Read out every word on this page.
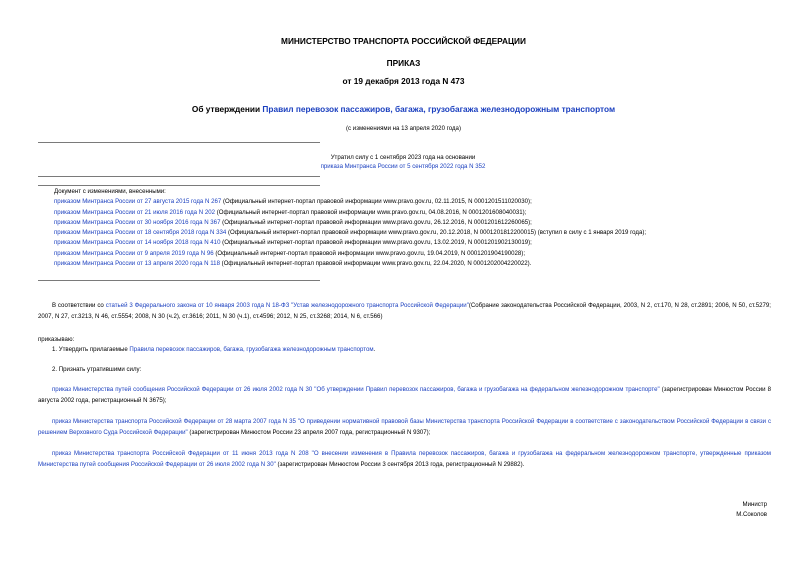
МИНИСТЕРСТВО ТРАНСПОРТА РОССИЙСКОЙ ФЕДЕРАЦИИ
ПРИКАЗ
от 19 декабря 2013 года N 473
Об утверждении Правил перевозок пассажиров, багажа, грузобагажа железнодорожным транспортом
(с изменениями на 13 апреля 2020 года)
Утратил силу с 1 сентября 2023 года на основании
приказа Минтранса России от 5 сентября 2022 года N 352
Документ с изменениями, внесенными:
приказом Минтранса России от 27 августа 2015 года N 267 (Официальный интернет-портал правовой информации www.pravo.gov.ru, 02.11.2015, N 0001201511020030);
приказом Минтранса России от 21 июля 2016 года N 202 (Официальный интернет-портал правовой информации www.pravo.gov.ru, 04.08.2016, N 0001201608040031);
приказом Минтранса России от 30 ноября 2016 года N 367 (Официальный интернет-портал правовой информации www.pravo.gov.ru, 26.12.2016, N 0001201612260065);
приказом Минтранса России от 18 сентября 2018 года N 334 (Официальный интернет-портал правовой информации www.pravo.gov.ru, 20.12.2018, N 0001201812200015) (вступил в силу с 1 января 2019 года);
приказом Минтранса России от 14 ноября 2018 года N 410 (Официальный интернет-портал правовой информации www.pravo.gov.ru, 13.02.2019, N 0001201902130019);
приказом Минтранса России от 9 апреля 2019 года N 96 (Официальный интернет-портал правовой информации www.pravo.gov.ru, 19.04.2019, N 0001201904190028);
приказом Минтранса России от 13 апреля 2020 года N 118 (Официальный интернет-портал правовой информации www.pravo.gov.ru, 22.04.2020, N 0001202004220022).
В соответствии со статьей 3 Федерального закона от 10 января 2003 года N 18-ФЗ "Устав железнодорожного транспорта Российской Федерации"(Собрание законодательства Российской Федерации, 2003, N 2, ст.170, N 28, ст.2891; 2006, N 50, ст.5279; 2007, N 27, ст.3213, N 46, ст.5554; 2008, N 30 (ч.2), ст.3616; 2011, N 30 (ч.1), ст.4596; 2012, N 25, ст.3268; 2014, N 6, ст.566)
приказываю:
1. Утвердить прилагаемые Правила перевозок пассажиров, багажа, грузобагажа железнодорожным транспортом.
2. Признать утратившими силу:
приказ Министерства путей сообщения Российской Федерации от 26 июля 2002 года N 30 "Об утверждении Правил перевозок пассажиров, багажа и грузобагажа на федеральном железнодорожном транспорте" (зарегистрирован Минюстом России 8 августа 2002 года, регистрационный N 3675);
приказ Министерства транспорта Российской Федерации от 28 марта 2007 года N 35 "О приведении нормативной правовой базы Министерства транспорта Российской Федерации в соответствие с законодательством Российской Федерации в связи с решением Верховного Суда Российской Федерации" (зарегистрирован Минюстом России 23 апреля 2007 года, регистрационный N 9307);
приказ Министерства транспорта Российской Федерации от 11 июня 2013 года N 208 "О внесении изменения в Правила перевозок пассажиров, багажа и грузобагажа на федеральном железнодорожном транспорте, утвержденные приказом Министерства путей сообщения Российской Федерации от 26 июля 2002 года N 30" (зарегистрирован Минюстом России 3 сентября 2013 года, регистрационный N 29882).
Министр
М.Соколов
